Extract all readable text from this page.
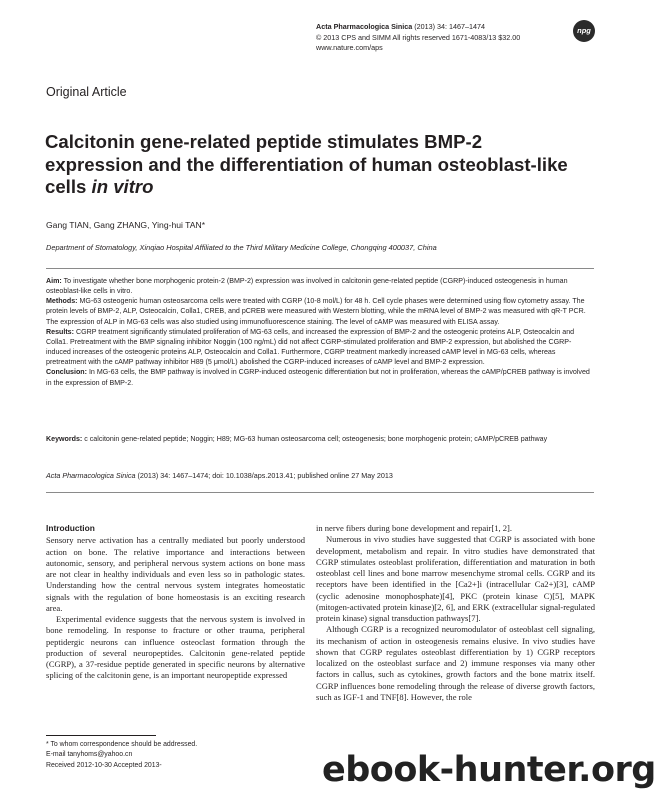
Acta Pharmacologica Sinica (2013) 34: 1467–1474
© 2013 CPS and SIMM All rights reserved 1671-4083/13 $32.00
www.nature.com/aps
npg
Original Article
Calcitonin gene-related peptide stimulates BMP-2 expression and the differentiation of human osteoblast-like cells in vitro
Gang TIAN, Gang ZHANG, Ying-hui TAN*
Department of Stomatology, Xinqiao Hospital Affiliated to the Third Military Medicine College, Chongqing 400037, China

Aim: To investigate whether bone morphogenic protein-2 (BMP-2) expression was involved in calcitonin gene-related peptide (CGRP)-induced osteogenesis in human osteoblast-like cells in vitro.

Methods: MG-63 osteogenic human osteosarcoma cells were treated with CGRP (10-8 mol/L) for 48 h. Cell cycle phases were determined using flow cytometry assay. The protein levels of BMP-2, ALP, Osteocalcin, Colla1, CREB, and pCREB were measured with Western blotting, while the mRNA level of BMP-2 was measured with qR-T PCR. The expression of ALP in MG-63 cells was also studied using immunofluorescence staining. The level of cAMP was measured with ELISA assay.

Results: CGRP treatment significantly stimulated proliferation of MG-63 cells, and increased the expression of BMP-2 and the osteogenic proteins ALP, Osteocalcin and Colla1. Pretreatment with the BMP signaling inhibitor Noggin (100 ng/mL) did not affect CGRP-stimulated proliferation and BMP-2 expression, but abolished the CGRP-induced increases of the osteogenic proteins ALP, Osteocalcin and Colla1. Furthermore, CGRP treatment markedly increased cAMP level in MG-63 cells, whereas pretreatment with the cAMP pathway inhibitor H89 (5 μmol/L) abolished the CGRP-induced increases of cAMP level and BMP-2 expression.

Conclusion: In MG-63 cells, the BMP pathway is involved in CGRP-induced osteogenic differentiation but not in proliferation, whereas the cAMP/pCREB pathway is involved in the expression of BMP-2.

Keywords: c calcitonin gene-related peptide; Noggin; H89; MG-63 human osteosarcoma cell; osteogenesis; bone morphogenic protein; cAMP/pCREB pathway
Acta Pharmacologica Sinica (2013) 34: 1467–1474; doi: 10.1038/aps.2013.41; published online 27 May 2013
Introduction

Sensory nerve activation has a centrally mediated but poorly understood action on bone. The relative importance and interactions between autonomic, sensory, and peripheral nervous system actions on bone mass are not clear in healthy individuals and even less so in pathologic states. Understanding how the central nervous system integrates homeostatic signals with the regulation of bone homeostasis is an exciting research area.

Experimental evidence suggests that the nervous system is involved in bone remodeling. In response to fracture or other trauma, peripheral peptidergic neurons can influence osteoclast formation through the production of several neuropeptides. Calcitonin gene-related peptide (CGRP), a 37-residue peptide generated in specific neurons by alternative splicing of the calcitonin gene, is an important neuropeptide expressed

in nerve fibers during bone development and repair[1, 2].

Numerous in vivo studies have suggested that CGRP is associated with bone development, metabolism and repair. In vitro studies have demonstrated that CGRP stimulates osteoblast proliferation, differentiation and maturation in both osteoblast cell lines and bone marrow mesenchyme stromal cells. CGRP and its receptors have been identified in the [Ca2+]i (intracellular Ca2+)[3], cAMP (cyclic adenosine monophosphate)[4], PKC (protein kinase C)[5], MAPK (mitogen-activated protein kinase)[2, 6], and ERK (extracellular signal-regulated protein kinase) signal transduction pathways[7].

Although CGRP is a recognized neuromodulator of osteoblast cell signaling, its mechanism of action in osteogenesis remains elusive. In vivo studies have shown that CGRP regulates osteoblast differentiation by 1) CGRP receptors localized on the osteoblast surface and 2) immune responses via many other factors in callus, such as cytokines, growth factors and the bone matrix itself. CGRP influences bone remodeling through the release of diverse growth factors, such as IGF-1 and TNF[8]. However, the role

* To whom correspondence should be addressed.
E-mail tanyhoms@yahoo.cn
Received 2012-10-30 Accepted 2013-	ebook-hunter.org
